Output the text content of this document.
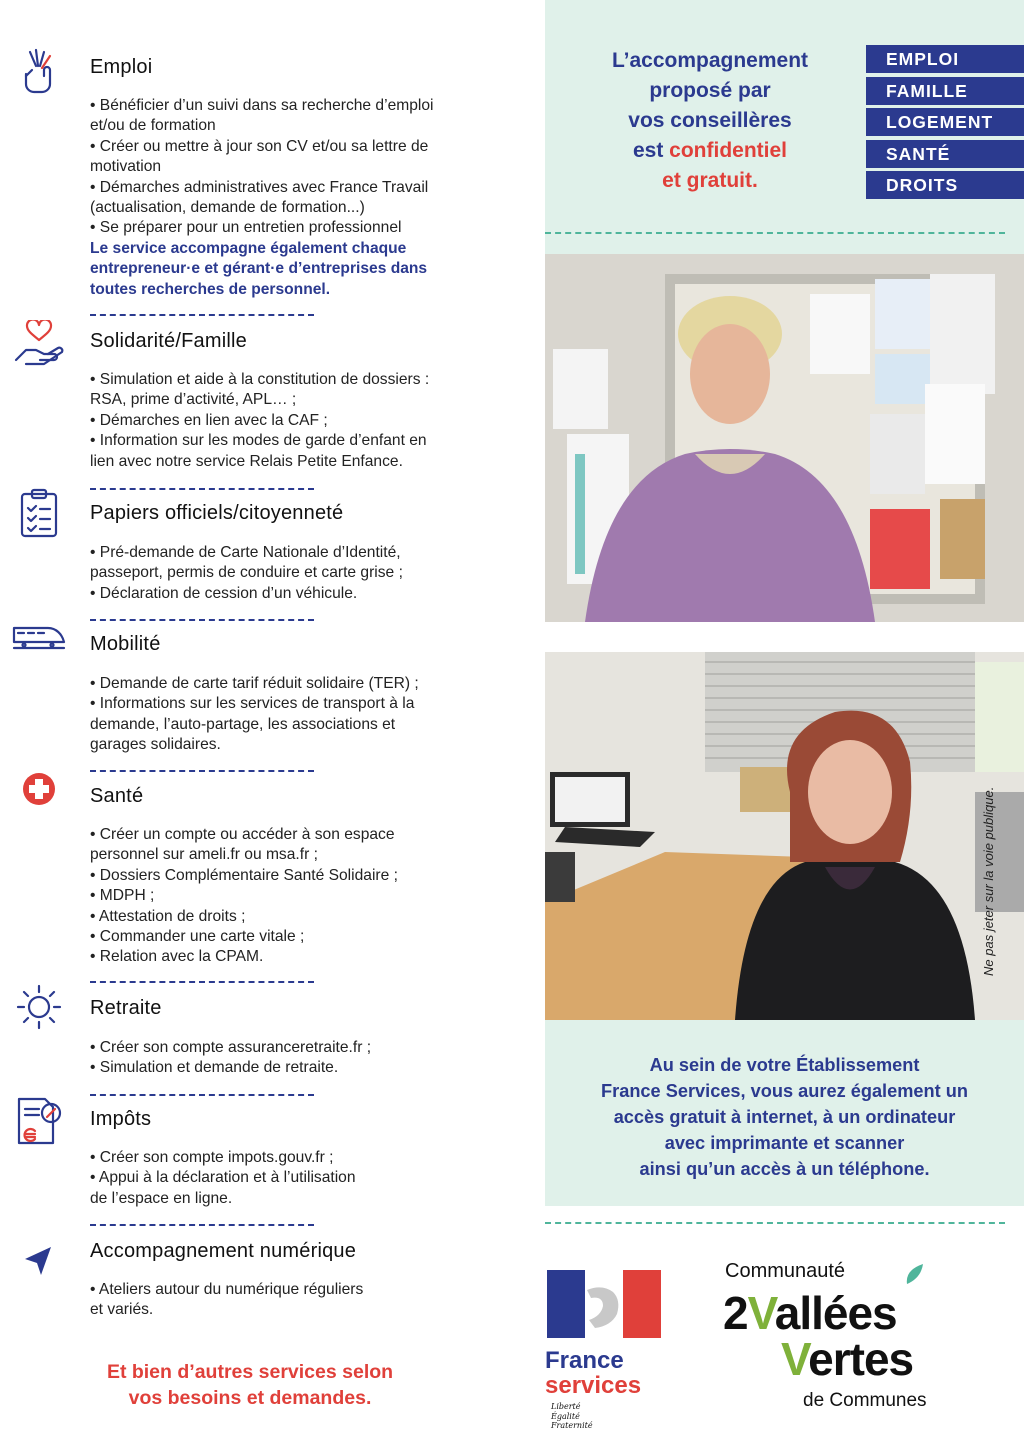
Emploi
• Bénéficier d’un suivi dans sa recherche d’emploi
et/ou de formation
• Créer ou mettre à jour son CV et/ou sa lettre de
motivation
• Démarches administratives avec France Travail
(actualisation, demande de formation...)
• Se préparer pour un entretien professionnel
Le service accompagne également chaque
entrepreneur·e et gérant·e d’entreprises dans
toutes recherches de personnel.
Solidarité/Famille
• Simulation et aide à la constitution de dossiers :
RSA, prime d’activité, APL… ;
• Démarches en lien avec la CAF ;
• Information sur les modes de garde d’enfant en
lien avec notre service Relais Petite Enfance.
Papiers officiels/citoyenneté
• Pré-demande de Carte Nationale d’Identité,
passeport, permis de conduire et carte grise ;
• Déclaration de cession d’un véhicule.
Mobilité
• Demande de carte tarif réduit solidaire (TER) ;
• Informations sur les services de transport à la
demande, l’auto-partage, les associations et
garages solidaires.
Santé
• Créer un compte ou accéder à son espace
personnel sur ameli.fr ou msa.fr ;
• Dossiers Complémentaire Santé Solidaire ;
• MDPH ;
• Attestation de droits ;
• Commander une carte vitale ;
• Relation avec la CPAM.
Retraite
• Créer son compte assuranceretraite.fr ;
• Simulation et demande de retraite.
Impôts
• Créer son compte impots.gouv.fr ;
• Appui à la déclaration et à l’utilisation
de l’espace en ligne.
Accompagnement numérique
• Ateliers autour du numérique réguliers
et variés.
Et bien d’autres services selon
vos besoins et demandes.
L’accompagnement
proposé par
vos conseillères
est confidentiel
et gratuit.
EMPLOI
FAMILLE
LOGEMENT
SANTÉ
DROITS
Ne pas jeter sur la voie publique.
Au sein de votre Établissement
France Services, vous aurez également un
accès gratuit à internet, à un ordinateur
avec imprimante et scanner
ainsi qu’un accès à un téléphone.
France
services
Liberté
Égalité
Fraternité
Communauté
2Vallées
Vertes
de Communes
